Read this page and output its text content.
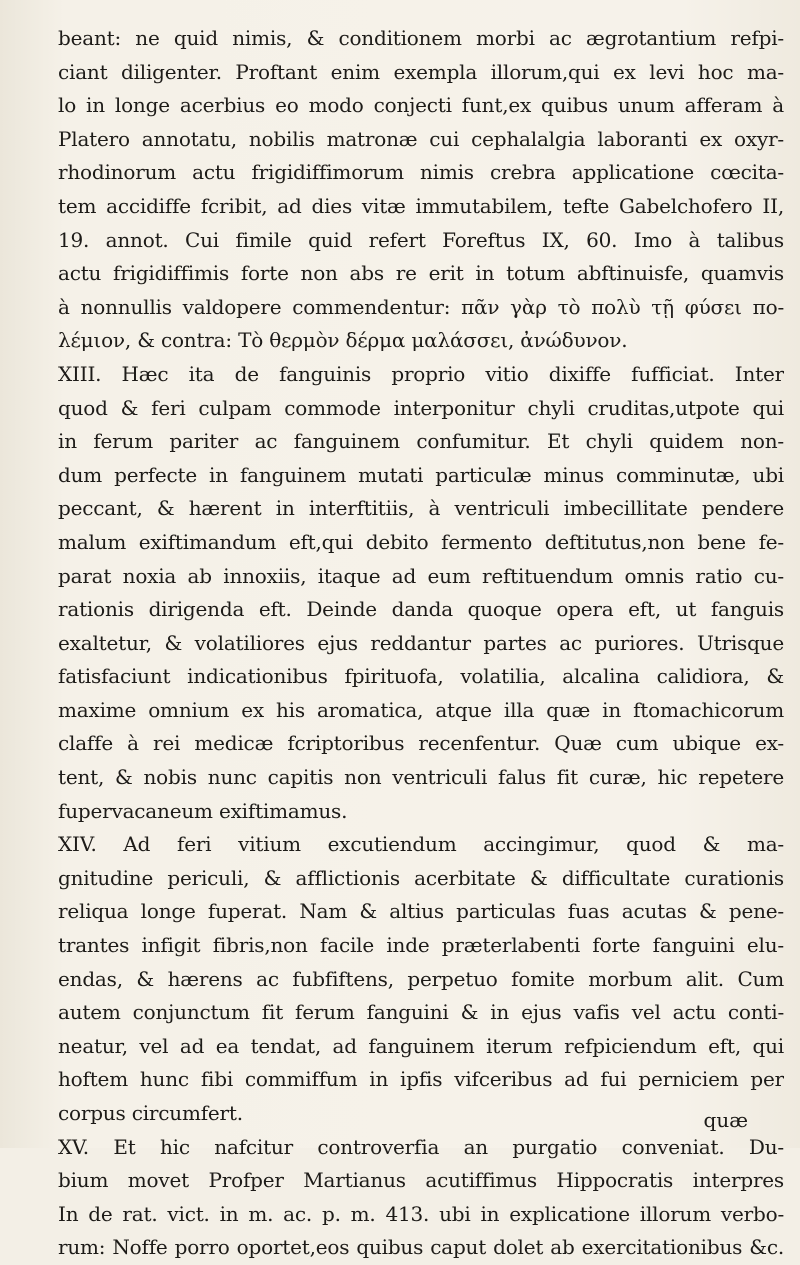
beant: ne quid nimis, & conditionem morbi ac ægrotantium refpi-
ciant diligenter. Proftant enim exempla illorum,qui ex levi hoc ma-
lo in longe acerbius eo modo conjecti funt,ex quibus unum afferam à
Platero annotatu, nobilis matronæ cui cephalalgia laboranti ex oxyr-
rhodinorum actu frigidiffimorum nimis crebra applicatione cœcita-
tem accidiffe fcribit, ad dies vitæ immutabilem, tefte Gabelchofero II,
19. annot. Cui fimile quid refert Foreftus IX, 60. Imo à talibus
actu frigidiffimis forte non abs re erit in totum abftinuisfe, quamvis
à nonnullis valdopere commendentur: πᾶν γὰρ τὸ πολὺ τῇ φύσει πο-
λέμιον, & contra: Τὸ θερμὸν δέρμα μαλάσσει, ἀνώδυνον.
XIII. Hæc ita de fanguinis proprio vitio dixiffe fufficiat. Inter
quod & feri culpam commode interponitur chyli cruditas,utpote qui
in ferum pariter ac fanguinem confumitur. Et chyli quidem non-
dum perfecte in fanguinem mutati particulæ minus comminutæ, ubi
peccant, & hærent in interftitiis, à ventriculi imbecillitate pendere
malum exiftimandum eft,qui debito fermento deftitutus,non bene fe-
parat noxia ab innoxiis, itaque ad eum reftituendum omnis ratio cu-
rationis dirigenda eft. Deinde danda quoque opera eft, ut fanguis
exaltetur, & volatiliores ejus reddantur partes ac puriores. Utrisque
fatisfaciunt indicationibus fpirituofa, volatilia, alcalina calidiora, &
maxime omnium ex his aromatica, atque illa quæ in ftomachicorum
claffe à rei medicæ fcriptoribus recenfentur. Quæ cum ubique ex-
tent, & nobis nunc capitis non ventriculi falus fit curæ, hic repetere
fupervacaneum exiftimamus.
XIV. Ad feri vitium excutiendum accingimur, quod & ma-
gnitudine periculi, & afflictionis acerbitate & difficultate curationis
reliqua longe fuperat. Nam & altius particulas fuas acutas & pene-
trantes infigit fibris,non facile inde præterlabenti forte fanguini elu-
endas, & hærens ac fubfiftens, perpetuo fomite morbum alit. Cum
autem conjunctum fit ferum fanguini & in ejus vafis vel actu conti-
neatur, vel ad ea tendat, ad fanguinem iterum refpiciendum eft, qui
hoftem hunc fibi commiffum in ipfis vifceribus ad fui perniciem per
corpus circumfert.
XV. Et hic nafcitur controverfia an purgatio conveniat. Du-
bium movet Profper Martianus acutiffimus Hippocratis interpres
In de rat. vict. in m. ac. p. m. 413. ubi in explicatione illorum verbo-
rum: Noffe porro oportet,eos quibus caput dolet ab exercitationibus &c.
quæ
